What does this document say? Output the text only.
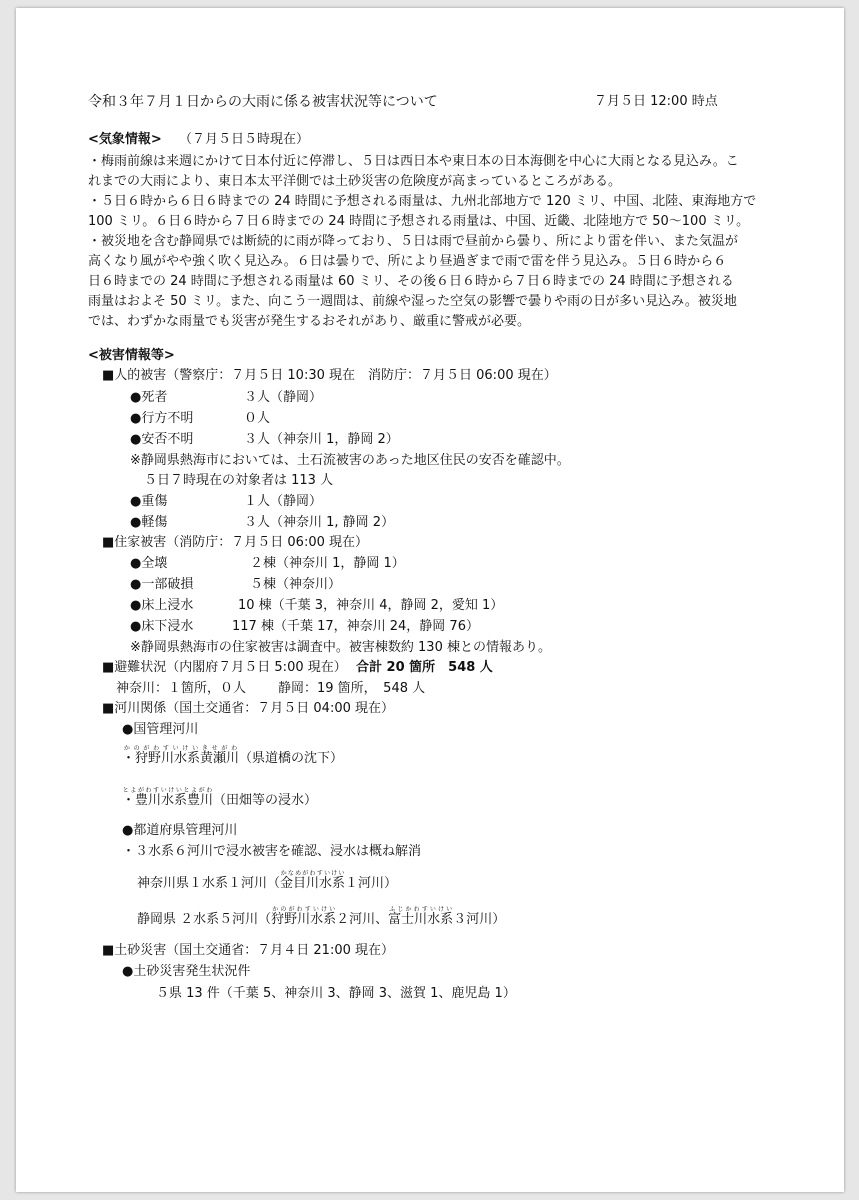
令和３年７月１日からの大雨に係る被害状況等について	７月５日 12:00 時点
<気象情報> （７月５日５時現在）
・梅雨前線は来週にかけて日本付近に停滞し、５日は西日本や東日本の日本海側を中心に大雨となる見込み。こ
れまでの大雨により、東日本太平洋側では土砂災害の危険度が高まっているところがある。
・５日６時から６日６時までの 24 時間に予想される雨量は、九州北部地方で 120 ミリ、中国、北陸、東海地方で
100 ミリ。６日６時から７日６時までの 24 時間に予想される雨量は、中国、近畿、北陸地方で 50～100 ミリ。
・被災地を含む静岡県では断続的に雨が降っており、５日は雨で昼前から曇り、所により雷を伴い、また気温が
高くなり風がやや強く吹く見込み。６日は曇りで、所により昼過ぎまで雨で雷を伴う見込み。５日６時から６
日６時までの 24 時間に予想される雨量は 60 ミリ、その後６日６時から７日６時までの 24 時間に予想される
雨量はおよそ 50 ミリ。また、向こう一週間は、前線や湿った空気の影響で曇りや雨の日が多い見込み。被災地
では、わずかな雨量でも災害が発生するおそれがあり、厳重に警戒が必要。
<被害情報等>
■人的被害（警察庁：７月５日 10:30 現在　消防庁：７月５日 06:00 現在）
●死者	３人（静岡）
●行方不明	０人
●安否不明	３人（神奈川 1，静岡 2）
※静岡県熱海市においては、土石流被害のあった地区住民の安否を確認中。
５日７時現在の対象者は 113 人
●重傷	１人（静岡）
●軽傷	３人（神奈川 1, 静岡 2）
■住家被害（消防庁：７月５日 06:00 現在）
●全壊	２棟（神奈川 1，静岡 1）
●一部破損	５棟（神奈川）
●床上浸水	10 棟（千葉 3，神奈川 4，静岡 2，愛知 1）
●床下浸水	117 棟（千葉 17，神奈川 24，静岡 76）
※静岡県熱海市の住家被害は調査中。被害棟数約 130 棟との情報あり。
■避難状況（内閣府７月５日 5:00 現在） 合計 20 箇所　548 人
神奈川：１箇所，０人 静岡：19 箇所，　548 人
■河川関係（国土交通省：７月５日 04:00 現在）
●国管理河川
・狩野川水系黄瀬川かのがわすいけいきせがわ（県道橋の沈下）
・豊川水系豊川とよがわすいけいとよがわ（田畑等の浸水）
●都道府県管理河川
・３水系６河川で浸水被害を確認、浸水は概ね解消
神奈川県１水系１河川（金目川水系かなめがわすいけい１河川）
静岡県 ２水系５河川（狩野川水系かのがわすいけい２河川、富士川水系ふじかわすいけい３河川）
■土砂災害（国土交通省：７月４日 21:00 現在）
●土砂災害発生状況件
５県 13 件（千葉 5、神奈川 3、静岡 3、滋賀 1、鹿児島 1）
